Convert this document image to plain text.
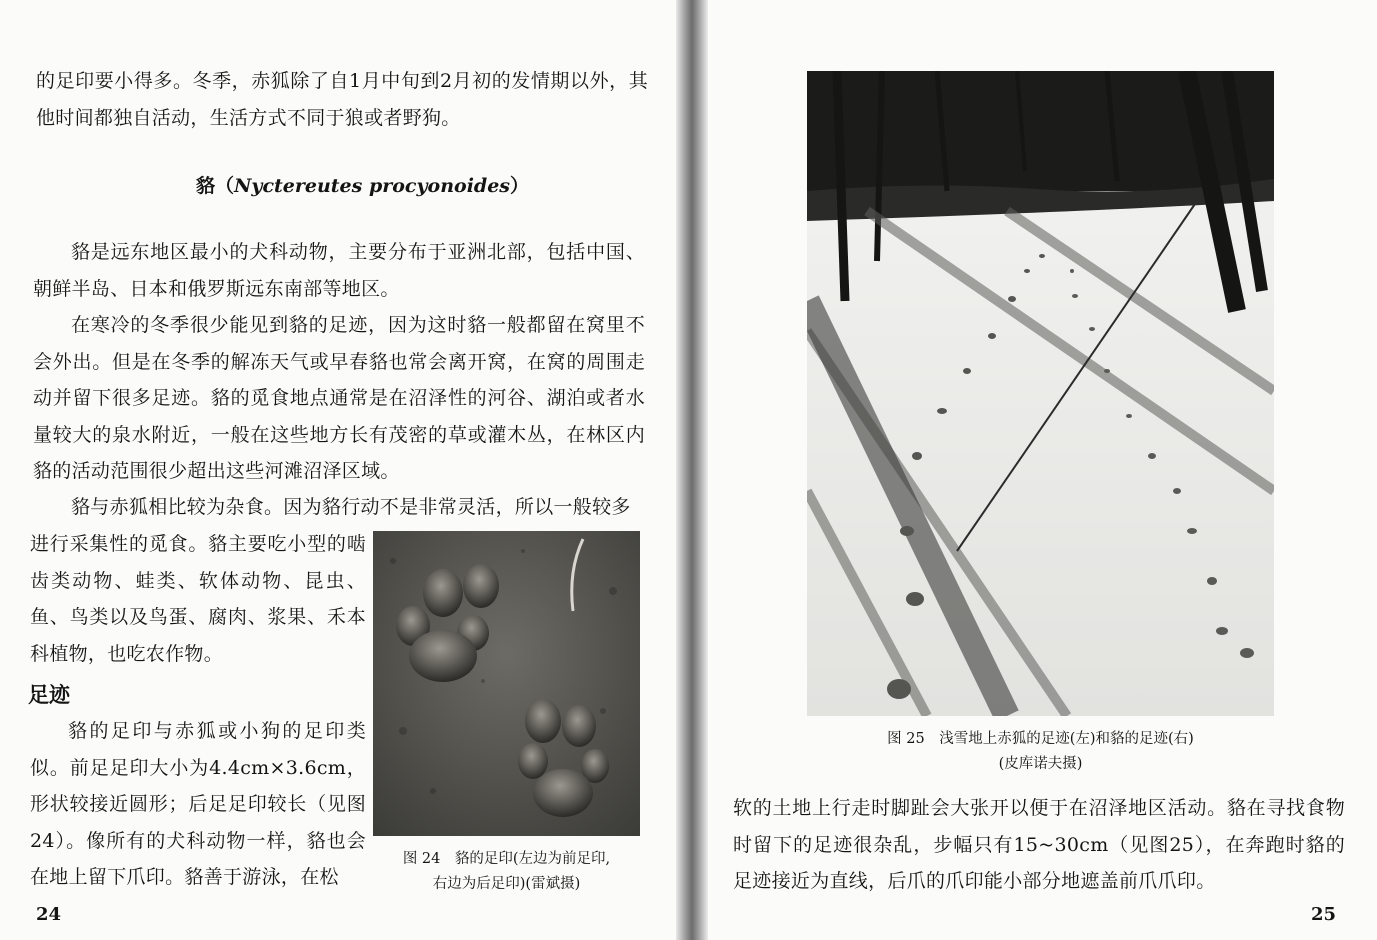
的足印要小得多。冬季，赤狐除了自1月中旬到2月初的发情期以外，其他时间都独自活动，生活方式不同于狼或者野狗。

貉（Nyctereutes procyonoides）

貉是远东地区最小的犬科动物，主要分布于亚洲北部，包括中国、朝鲜半岛、日本和俄罗斯远东南部等地区。

在寒冷的冬季很少能见到貉的足迹，因为这时貉一般都留在窝里不会外出。但是在冬季的解冻天气或早春貉也常会离开窝，在窝的周围走动并留下很多足迹。貉的觅食地点通常是在沼泽性的河谷、湖泊或者水量较大的泉水附近，一般在这些地方长有茂密的草或灌木丛，在林区内貉的活动范围很少超出这些河滩沼泽区域。

貉与赤狐相比较为杂食。因为貉行动不是非常灵活，所以一般较多

进行采集性的觅食。貉主要吃小型的啮齿类动物、蛙类、软体动物、昆虫、鱼、鸟类以及鸟蛋、腐肉、浆果、禾本科植物，也吃农作物。

足迹

貉的足印与赤狐或小狗的足印类似。前足足印大小为4.4cm×3.6cm，形状较接近圆形；后足足印较长（见图24）。像所有的犬科动物一样，貉也会在地上留下爪印。貉善于游泳，在松

图 24　貉的足印(左边为前足印,
右边为后足印)(雷斌摄)
24
图 25　浅雪地上赤狐的足迹(左)和貉的足迹(右)
(皮库诺夫摄)

软的土地上行走时脚趾会大张开以便于在沼泽地区活动。貉在寻找食物时留下的足迹很杂乱，步幅只有15~30cm（见图25），在奔跑时貉的足迹接近为直线，后爪的爪印能小部分地遮盖前爪爪印。

25
